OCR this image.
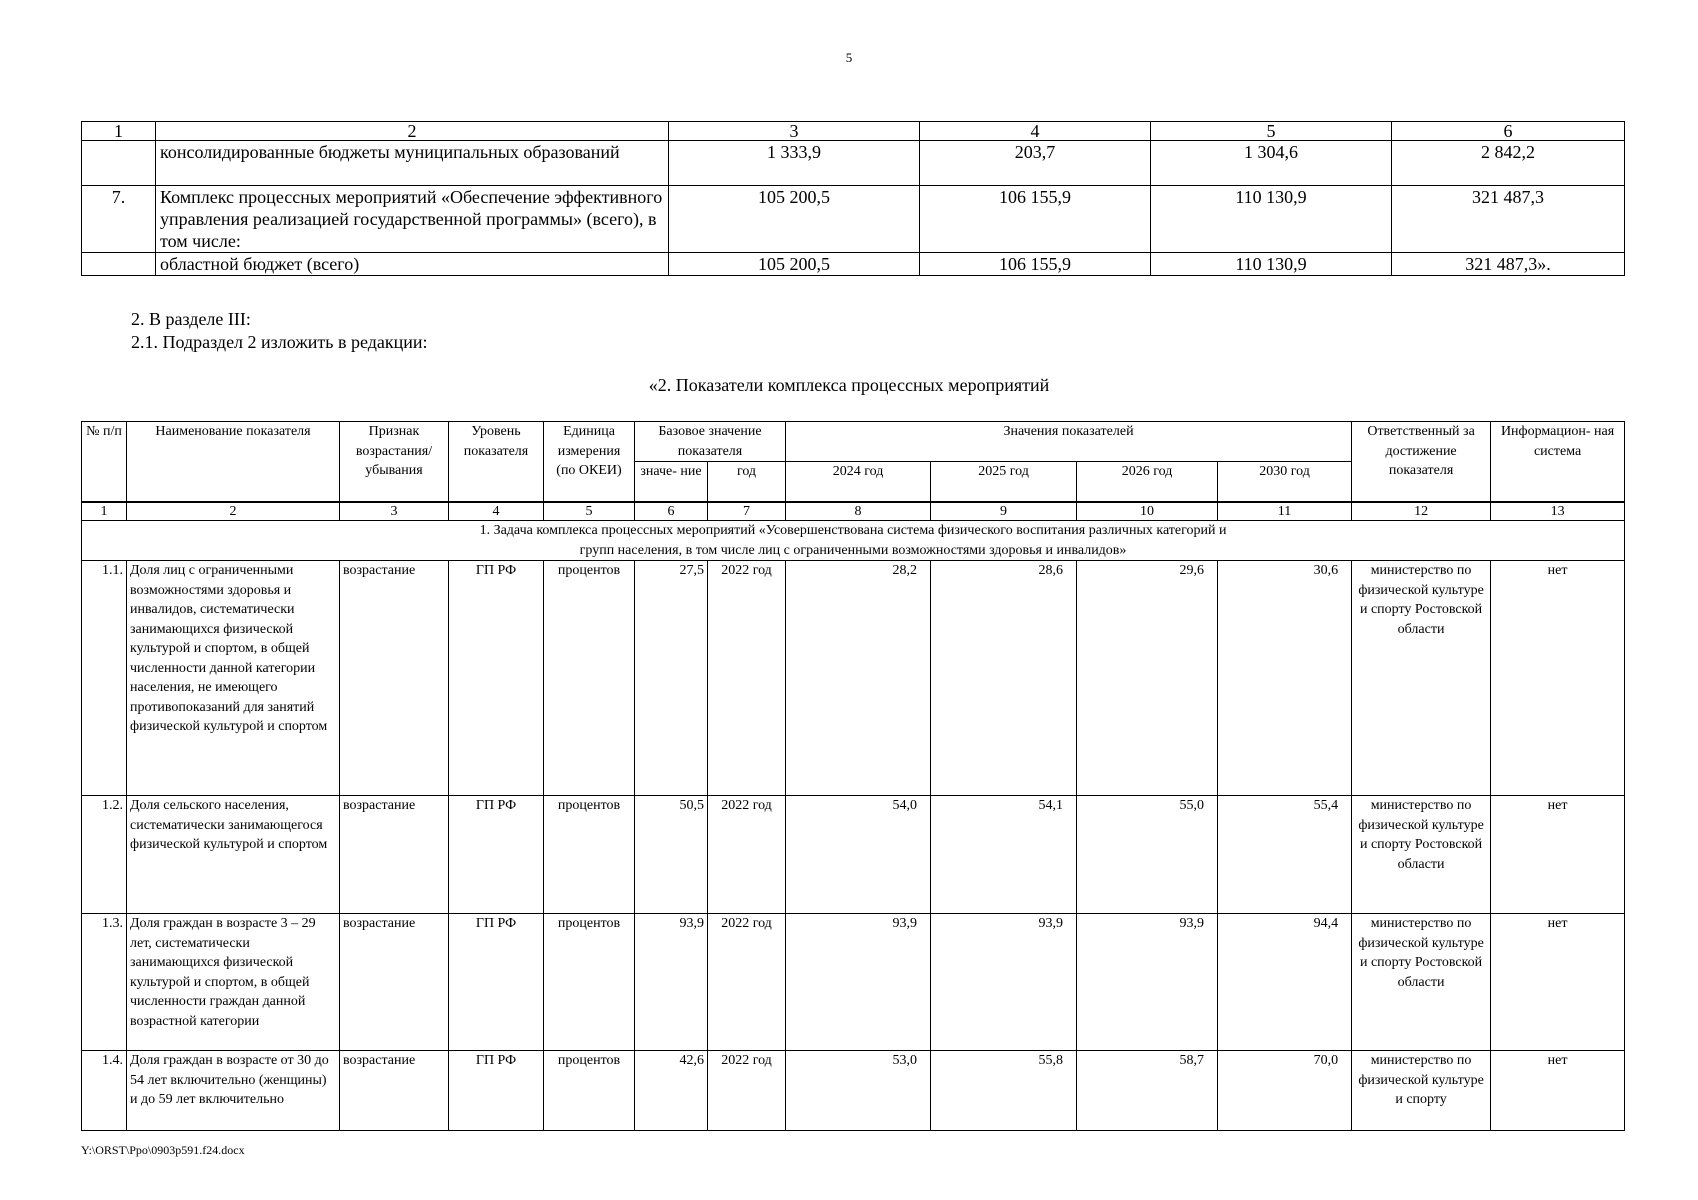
5
1	2	3	4	5	6
	консолидированные бюджеты муниципальных образований	1 333,9	203,7	1 304,6	2 842,2
7.	Комплекс процессных мероприятий «Обеспечение эффективного управления реализацией государственной программы» (всего), в том числе:	105 200,5	106 155,9	110 130,9	321 487,3
	областной бюджет (всего)	105 200,5	106 155,9	110 130,9	321 487,3».
2. В разделе III:
2.1. Подраздел 2 изложить в редакции:
«2. Показатели комплекса процессных мероприятий
№ п/п	Наименование показателя	Признак возрастания/ убывания	Уровень показателя	Единица измерения (по ОКЕИ)	Базовое значение показателя		Значения показателей				Ответственный за достижение показателя	Информацион- ная система
					значе- ние	год	2024 год	2025 год	2026 год	2030 год		
1	2	3	4	5	6	7	8	9	10	11	12	13
1. Задача комплекса процессных мероприятий «Усовершенствована система физического воспитания различных категорий и групп населения, в том числе лиц с ограниченными возможностями здоровья и инвалидов»												
1.1.	Доля лиц с ограниченными возможностями здоровья и инвалидов, систематически занимающихся физической культурой и спортом, в общей численности данной категории населения, не имеющего противопоказаний для занятий физической культурой и спортом	возрастание	ГП РФ	процентов	27,5	2022 год	28,2	28,6	29,6	30,6	министерство по физической культуре и спорту Ростовской области	нет
1.2.	Доля сельского населения, систематически занимающегося физической культурой и спортом	возрастание	ГП РФ	процентов	50,5	2022 год	54,0	54,1	55,0	55,4	министерство по физической культуре и спорту Ростовской области	нет
1.3.	Доля граждан в возрасте 3 – 29 лет, систематически занимающихся физической культурой и спортом, в общей численности граждан данной возрастной категории	возрастание	ГП РФ	процентов	93,9	2022 год	93,9	93,9	93,9	94,4	министерство по физической культуре и спорту Ростовской области	нет
1.4.	Доля граждан в возрасте от 30 до 54 лет включительно (женщины) и до 59 лет включительно	возрастание	ГП РФ	процентов	42,6	2022 год	53,0	55,8	58,7	70,0	министерство по физической культуре и спорту	нет
Y:\ORST\Ppo\0903p591.f24.docx
